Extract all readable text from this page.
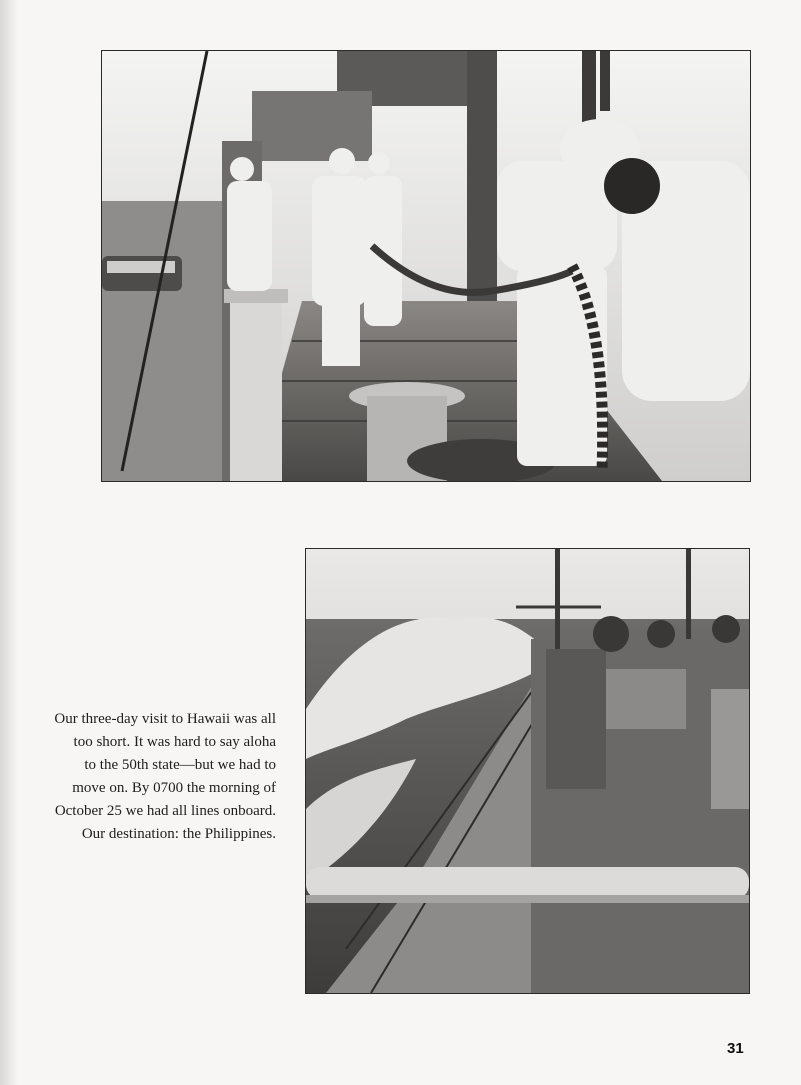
Our three-day visit to Hawaii was all
too short. It was hard to say aloha
to the 50th state—but we had to
move on. By 0700 the morning of
October 25 we had all lines onboard.
Our destination: the Philippines.
31
